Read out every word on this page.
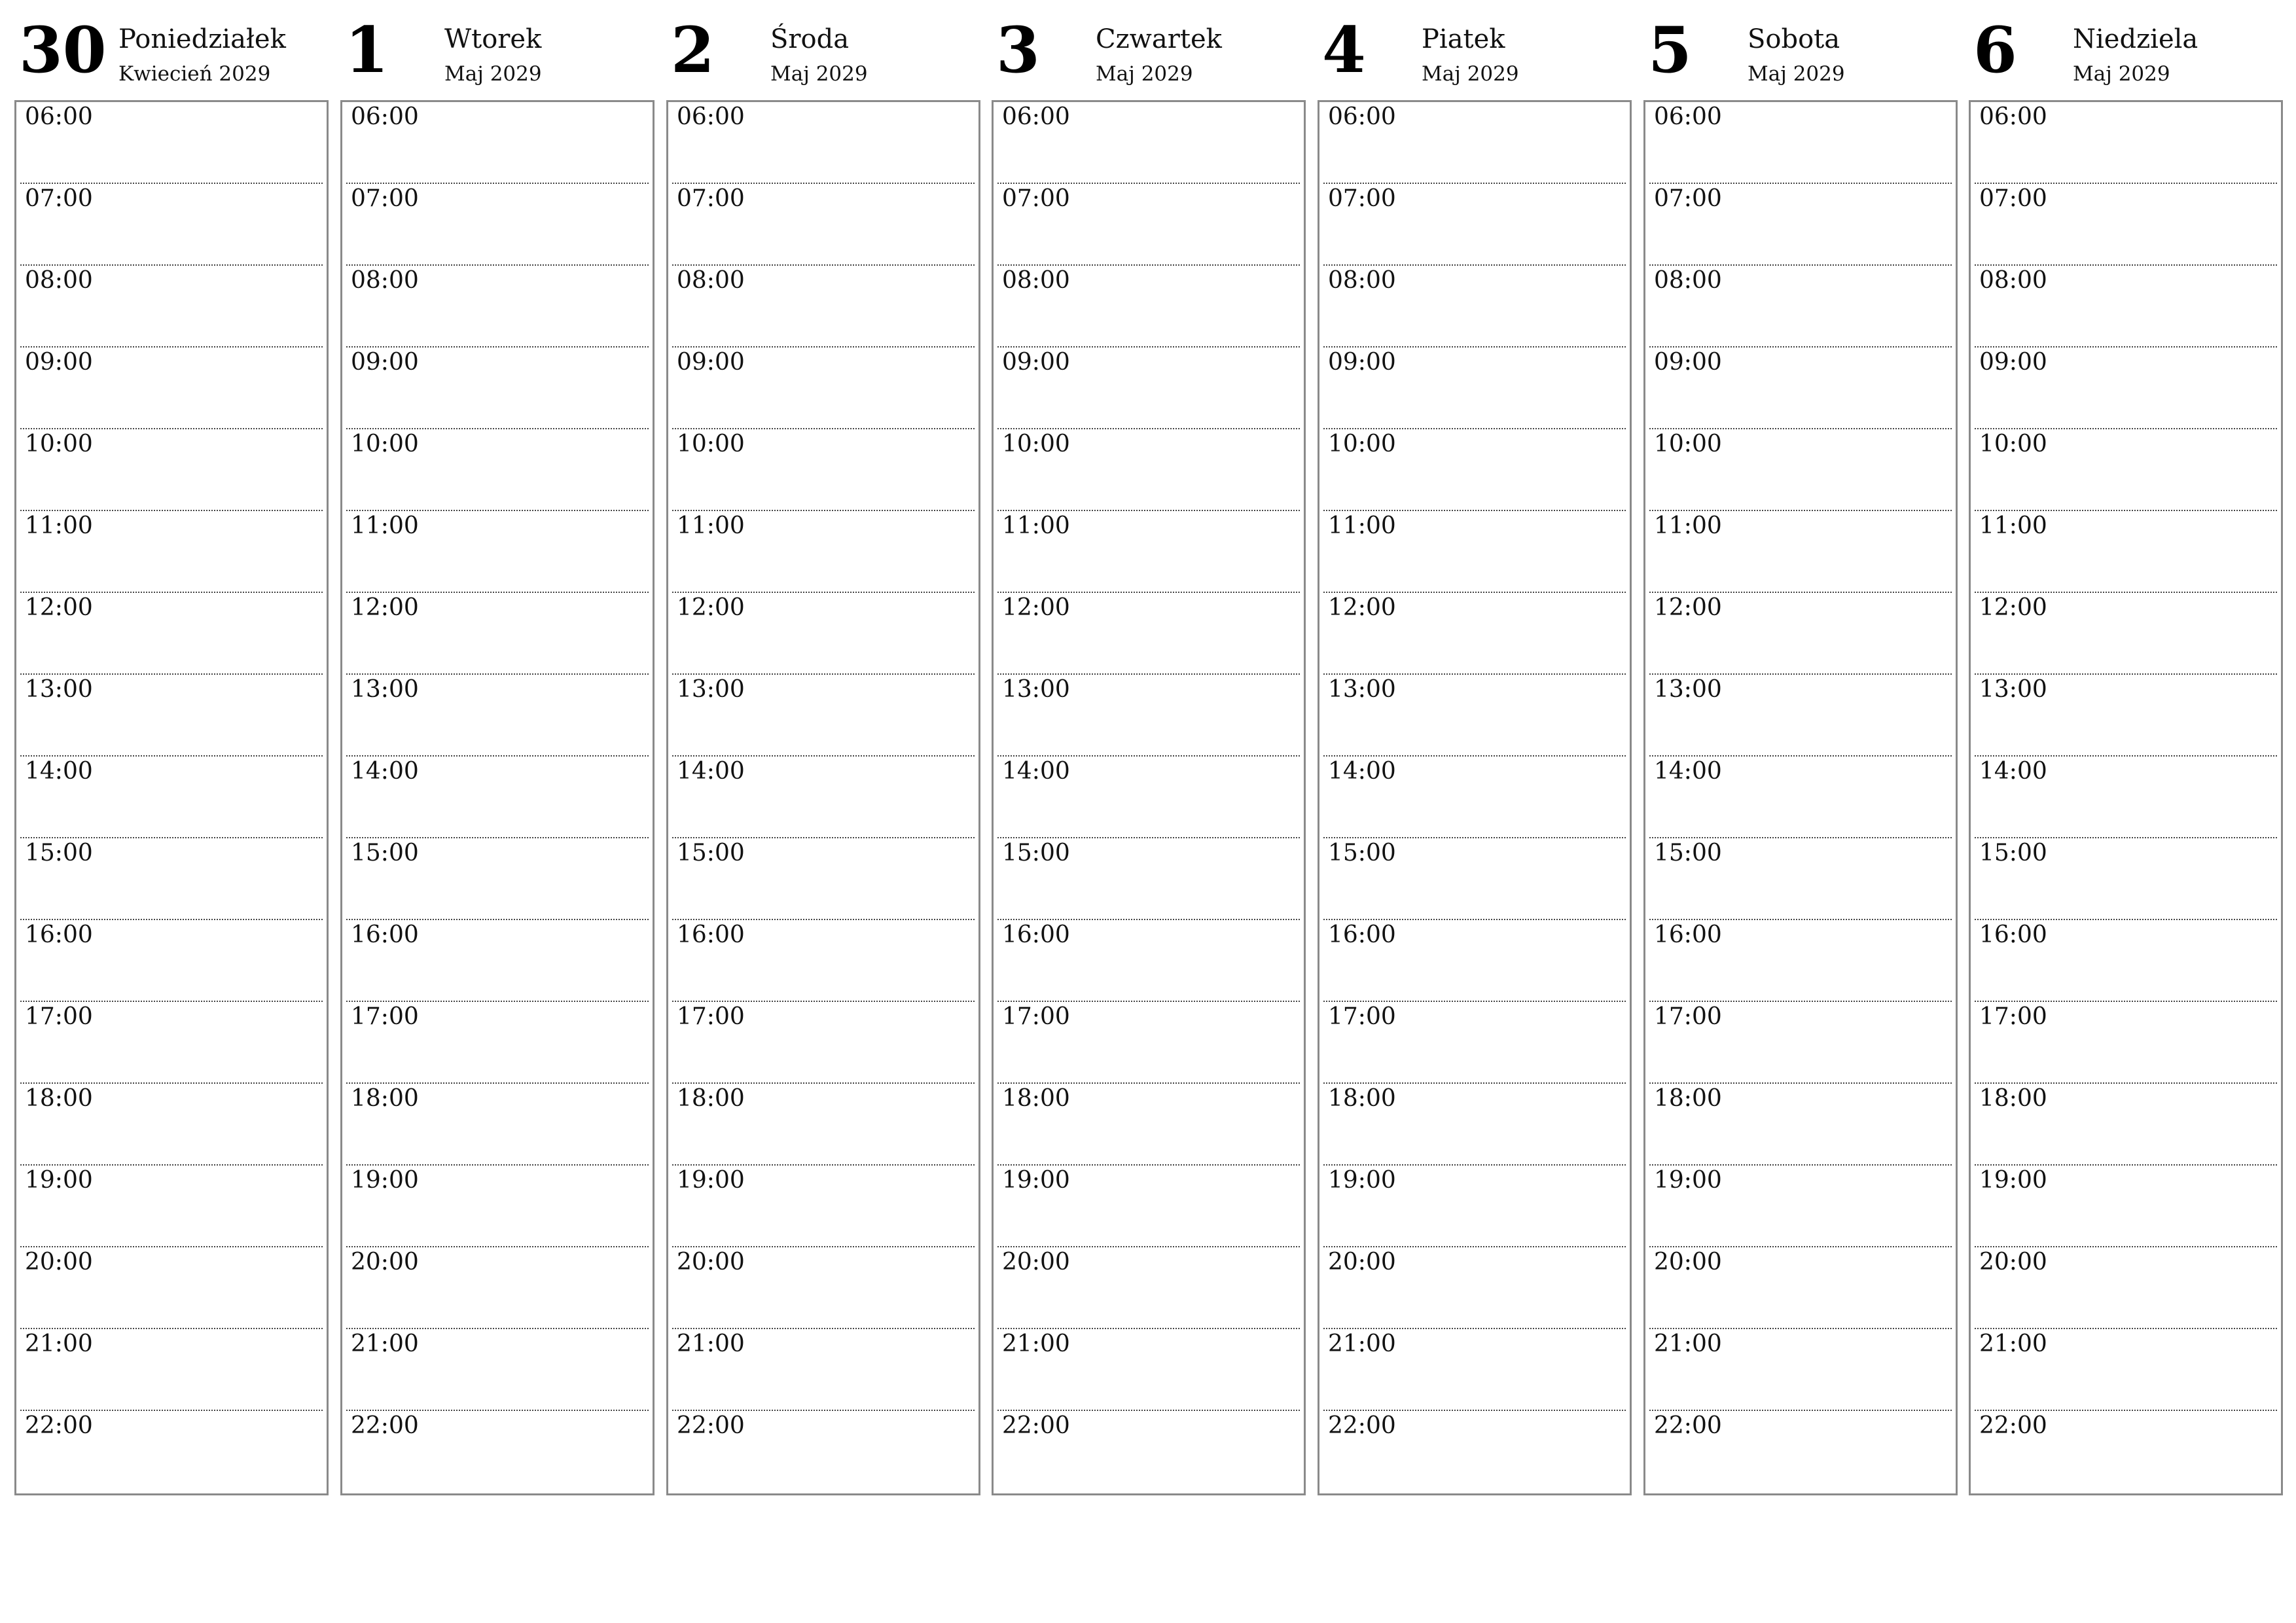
30 Poniedziałek
Kwiecień 2029
06:00
07:00
08:00
09:00
10:00
11:00
12:00
13:00
14:00
15:00
16:00
17:00
18:00
19:00
20:00
21:00
22:00
1 Wtorek
Maj 2029
06:00
07:00
08:00
09:00
10:00
11:00
12:00
13:00
14:00
15:00
16:00
17:00
18:00
19:00
20:00
21:00
22:00
2 Środa
Maj 2029
06:00
07:00
08:00
09:00
10:00
11:00
12:00
13:00
14:00
15:00
16:00
17:00
18:00
19:00
20:00
21:00
22:00
3 Czwartek
Maj 2029
06:00
07:00
08:00
09:00
10:00
11:00
12:00
13:00
14:00
15:00
16:00
17:00
18:00
19:00
20:00
21:00
22:00
4 Piatek
Maj 2029
06:00
07:00
08:00
09:00
10:00
11:00
12:00
13:00
14:00
15:00
16:00
17:00
18:00
19:00
20:00
21:00
22:00
5 Sobota
Maj 2029
06:00
07:00
08:00
09:00
10:00
11:00
12:00
13:00
14:00
15:00
16:00
17:00
18:00
19:00
20:00
21:00
22:00
6 Niedziela
Maj 2029
06:00
07:00
08:00
09:00
10:00
11:00
12:00
13:00
14:00
15:00
16:00
17:00
18:00
19:00
20:00
21:00
22:00
